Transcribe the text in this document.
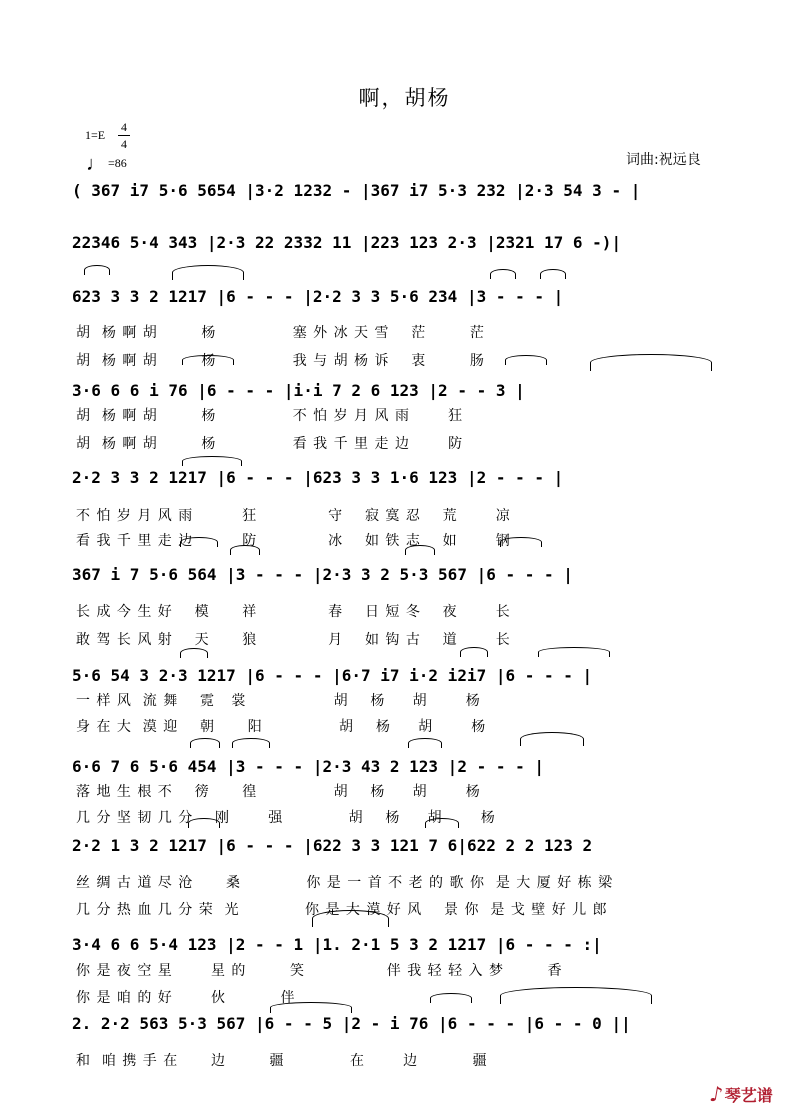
啊，胡杨
1=E
4
4
♩ =86	词曲:祝远良
( 367 i7 5·6 5654 |3·2 1232 - |367 i7 5·3 232 |2·3 54 3 - |
22346 5·4 343 |2·3 22 2332 11 |223 123 2·3 |2321 17 6 -)|
623 3 3 2 1217 |6 - - - |2·2 3 3 5·6 234 |3 - - - |
3·6 6 6 i 76 |6 - - - |i·i 7 2 6 123 |2 - - 3 |
2·2 3 3 2 1217 |6 - - - |623 3 3 1·6 123 |2 - - - |
367 i 7 5·6 564 |3 - - - |2·3 3 2 5·3 567 |6 - - - |
5·6 54 3 2·3 1217 |6 - - - |6·7 i7 i·2 i2i7 |6 - - - |
6·6 7 6 5·6 454 |3 - - - |2·3 43 2 123 |2 - - - |
2·2 1 3 2 1217 |6 - - - |622 3 3 121 7 6|622 2 2 123 2
3·4 6 6 5·4 123 |2 - - 1 |1. 2·1 5 3 2 1217 |6 - - - :|
2. 2·2 563 5·3 567 |6 - - 5 |2 - i 76 |6 - - - |6 - - 0 ||
胡  杨 啊 胡        杨              塞 外 冰 天 雪    茫        茫
胡  杨 啊 胡        杨              我 与 胡 杨 诉    衷        肠
胡  杨 啊 胡        杨              不 怕 岁 月 风 雨       狂
胡  杨 啊 胡        杨              看 我 千 里 走 边       防
不 怕 岁 月 风 雨         狂             守    寂 寞 忍    荒       凉
看 我 千 里 走 边         防             冰    如 铁 志    如       钢
长 成 今 生 好    模      祥             春    日 短 冬    夜       长
敢 驾 长 风 射    天      狼             月    如 钩 古    道       长
一 样 风  流 舞    霓   裳                胡    杨     胡       杨
身 在 大  漠 迎    朝      阳              胡    杨     胡       杨
落 地 生 根 不    徬      徨              胡    杨     胡       杨
几 分 坚 韧 几 分    刚       强            胡    杨     胡       杨
丝 绸 古 道 尽 沧      桑            你 是 一 首 不 老 的 歌 你  是 大 厦 好 栋 梁
几 分 热 血 几 分 荣  光            你 是 大 漠 好 风    景 你  是 戈 壁 好 儿 郎
你 是 夜 空 星       星 的        笑               伴 我 轻 轻 入 梦        香
你 是 咱 的 好       伙          伴
和  咱 携 手 在      边        疆            在       边          疆
♪琴艺谱
